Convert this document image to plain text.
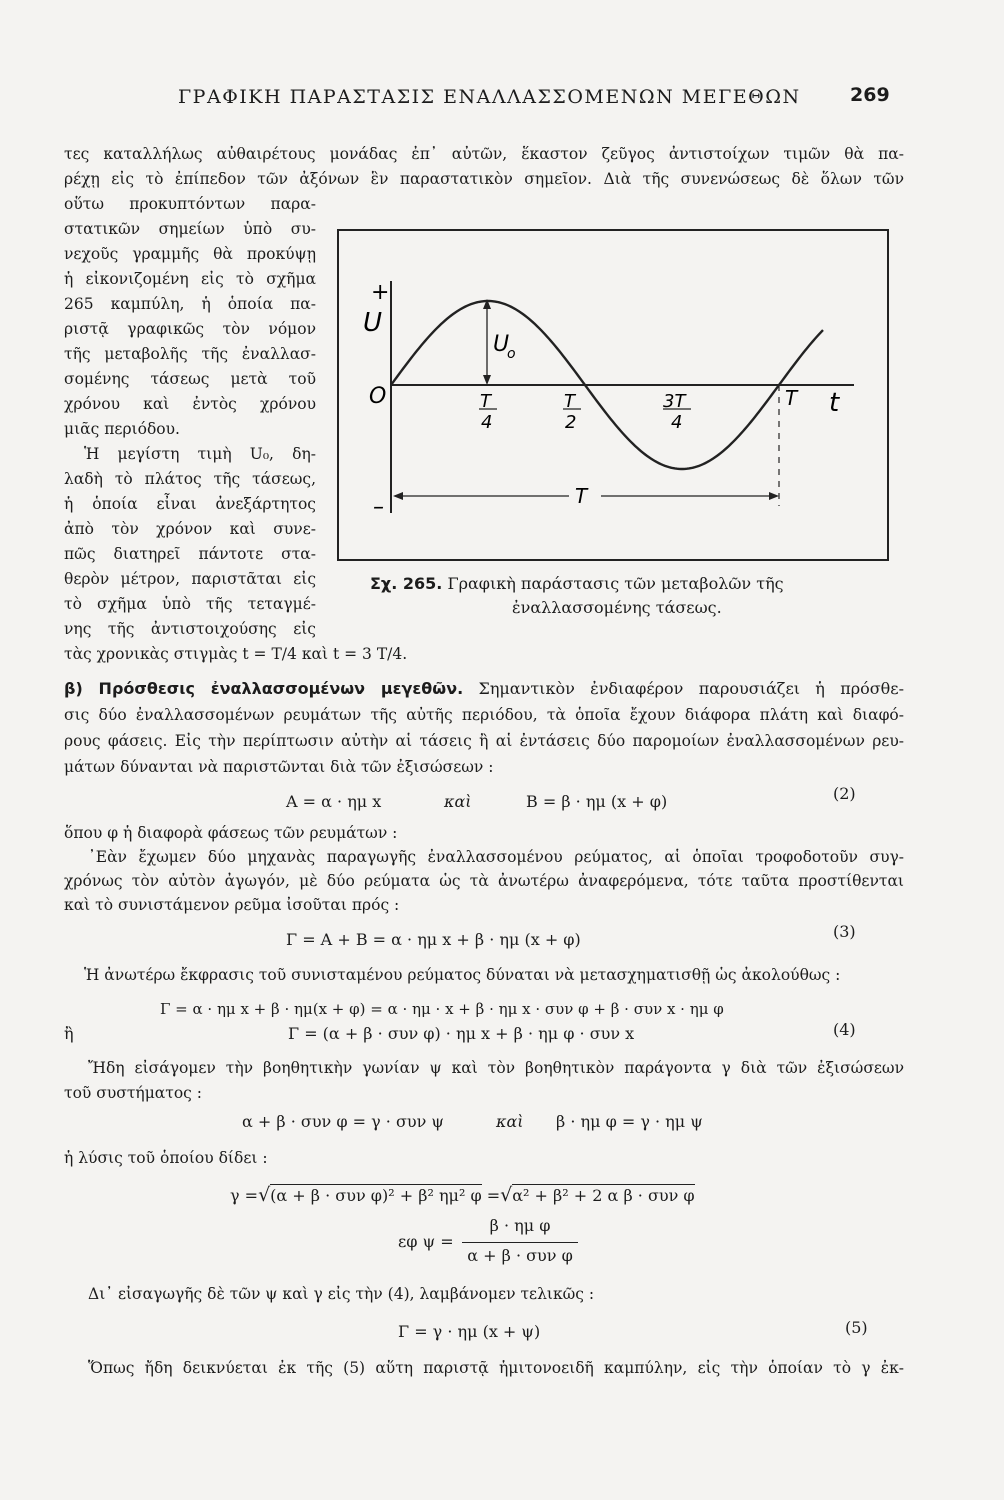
ΓΡΑΦΙΚΗ ΠΑΡΑΣΤΑΣΙΣ ΕΝΑΛΛΑΣΣΟΜΕΝΩΝ ΜΕΓΕΘΩΝ	269
τες καταλλήλως αὐθαιρέτους μονάδας ἐπ᾽ αὐτῶν, ἕκαστον ζεῦγος ἀντιστοίχων τιμῶν θὰ πα-
ρέχῃ εἰς τὸ ἐπίπεδον τῶν ἀξόνων ἓν παραστατικὸν σημεῖον. Διὰ τῆς συνενώσεως δὲ ὅλων τῶν
οὕτω προκυπτόντων παρα-
στατικῶν σημείων ὑπὸ συ-
νεχοῦς γραμμῆς θὰ προκύψῃ
ἡ εἰκονιζομένη εἰς τὸ σχῆμα
265 καμπύλη, ἡ ὁποία πα-
ριστᾷ γραφικῶς τὸν νόμον
τῆς μεταβολῆς τῆς ἐναλλασ-
σομένης τάσεως μετὰ τοῦ
χρόνου καὶ ἐντὸς χρόνου
μιᾶς περιόδου.
Ἡ μεγίστη τιμὴ U₀, δη-
λαδὴ τὸ πλάτος τῆς τάσεως,
ἡ ὁποία εἶναι ἀνεξάρτητος
ἀπὸ τὸν χρόνον καὶ συνε-
πῶς διατηρεῖ πάντοτε στα-
θερὸν μέτρον, παριστᾶται εἰς
τὸ σχῆμα ὑπὸ τῆς τεταγμέ-
νης τῆς ἀντιστοιχούσης εἰς
τὰς χρονικὰς στιγμὰς t = T/4 καὶ t = 3 T/4.
+
U
O
–
U
o
T
4
T
2
3T
4
T t
T
Σχ. 265. Γραφικὴ παράστασις τῶν μεταβολῶν τῆς
ἐναλλασσομένης τάσεως.
β) Πρόσθεσις ἐναλλασσομένων μεγεθῶν. Σημαντικὸν ἐνδιαφέρον παρουσιάζει ἡ πρόσθε-
σις δύο ἐναλλασσομένων ρευμάτων τῆς αὐτῆς περιόδου, τὰ ὁποῖα ἔχουν διάφορα πλάτη καὶ διαφό-
ρους φάσεις. Εἰς τὴν περίπτωσιν αὐτὴν αἱ τάσεις ἢ αἱ ἐντάσεις δύο παρομοίων ἐναλλασσομένων ρευ-
μάτων δύνανται νὰ παριστῶνται διὰ τῶν ἐξισώσεων :
A = α · ημ x	καὶ	B = β · ημ (x + φ)	(2)
ὅπου φ ἡ διαφορὰ φάσεως τῶν ρευμάτων :
᾽Εὰν ἔχωμεν δύο μηχανὰς παραγωγῆς ἐναλλασσομένου ρεύματος, αἱ ὁποῖαι τροφοδοτοῦν συγ-
χρόνως τὸν αὐτὸν ἀγωγόν, μὲ δύο ρεύματα ὡς τὰ ἀνωτέρω ἀναφερόμενα, τότε ταῦτα προστίθενται
καὶ τὸ συνιστάμενον ρεῦμα ἰσοῦται πρός :
Γ = A + B = α · ημ x + β · ημ (x + φ)	(3)
Ἡ ἀνωτέρω ἔκφρασις τοῦ συνισταμένου ρεύματος δύναται νὰ μετασχηματισθῇ ὡς ἀκολούθως :
Γ = α · ημ x + β · ημ(x + φ) = α · ημ · x + β · ημ x · συν φ + β · συν x · ημ φ
ἢ	Γ = (α + β · συν φ) · ημ x + β · ημ φ · συν x	(4)
Ἤδη εἰσάγομεν τὴν βοηθητικὴν γωνίαν ψ καὶ τὸν βοηθητικὸν παράγοντα γ διὰ τῶν ἐξισώσεων
τοῦ συστήματος :
α + β · συν φ = γ · συν ψ	καὶ β · ημ φ = γ · ημ ψ
ἡ λύσις τοῦ ὁποίου δίδει :
γ =√(α + β · συν φ)² + β² ημ² φ =√α² + β² + 2 α β · συν φ
εφ ψ =
β · ημ φ
α + β · συν φ
Δι᾽ εἰσαγωγῆς δὲ τῶν ψ καὶ γ εἰς τὴν (4), λαμβάνομεν τελικῶς :
Γ = γ · ημ (x + ψ)	(5)
Ὅπως ἤδη δεικνύεται ἐκ τῆς (5) αὕτη παριστᾷ ἡμιτονοειδῆ καμπύλην, εἰς τὴν ὁποίαν τὸ γ ἐκ-
